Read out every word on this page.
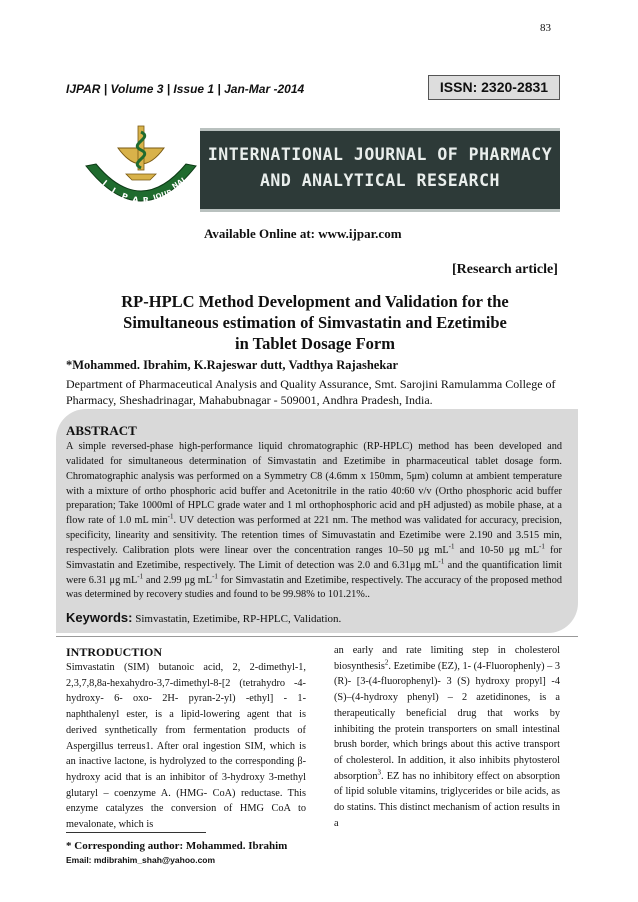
83
IJPAR | Volume 3 | Issue 1 | Jan-Mar -2014	ISSN: 2320-2831
I
J
P A R JOUR
NAL
INTERNATIONAL JOURNAL OF PHARMACY
AND ANALYTICAL RESEARCH
Available Online at: www.ijpar.com
[Research article]
RP-HPLC Method Development and Validation for the
Simultaneous estimation of Simvastatin and Ezetimibe
in Tablet Dosage Form
*Mohammed. Ibrahim, K.Rajeswar dutt, Vadthya Rajashekar
Department of Pharmaceutical Analysis and Quality Assurance, Smt. Sarojini Ramulamma College of Pharmacy, Sheshadrinagar, Mahabubnagar - 509001, Andhra Pradesh, India.
ABSTRACT
A simple reversed-phase high-performance liquid chromatographic (RP-HPLC) method has been developed and validated for simultaneous determination of Simvastatin and Ezetimibe in pharmaceutical tablet dosage form. Chromatographic analysis was performed on a Symmetry C8 (4.6mm x 150mm, 5μm) column at ambient temperature with a mixture of ortho phosphoric acid buffer and Acetonitrile in the ratio 40:60 v/v (Ortho phosphoric acid buffer preparation; Take 1000ml of HPLC grade water and 1 ml orthophosphoric acid and pH adjusted) as mobile phase, at a flow rate of 1.0 mL $\min^{-1}$. UV detection was performed at 221 nm. The method was validated for accuracy, precision, specificity, linearity and sensitivity. The retention times of Simuvastatin and Ezetimibe were 2.190 and 3.515 min, respectively. Calibration plots were linear over the concentration ranges 10–50 μg $mL^{-1}$ and 10-50 μg $mL^{-1}$ for Simvastatin and Ezetimibe, respectively. The Limit of detection was 2.0 and 6.31μg $mL^{-1}$ and the quantification limit were 6.31 μg $mL^{-1}$ and 2.99 μg $mL^{-1}$ for Simvastatin and Ezetimibe, respectively. The accuracy of the proposed method was determined by recovery studies and found to be 99.98% to 101.21%..
Keywords: Simvastatin, Ezetimibe, RP-HPLC, Validation.
INTRODUCTION
Simvastatin (SIM) butanoic acid, 2, 2-dimethyl-1, 2,3,7,8,8a-hexahydro-3,7-dimethyl-8-[2 (tetrahydro -4- hydroxy- 6- oxo- 2H- pyran-2-yl) -ethyl] - 1- naphthalenyl ester, is a lipid-lowering agent that is derived synthetically from fermentation products of Aspergillus terreus1. After oral ingestion SIM, which is an inactive lactone, is hydrolyzed to the corresponding β-hydroxy acid that is an inhibitor of 3-hydroxy 3-methyl glutaryl – coenzyme A. (HMG- CoA) reductase. This enzyme catalyzes the conversion of HMG CoA to mevalonate, which is
an early and rate limiting step in cholesterol biosynthesis$^2$. Ezetimibe (EZ), 1- (4-Fluorophenly) – 3 (R)- [3-(4-fluorophenyl)- 3 (S) hydroxy propyl] -4 (S)–(4-hydroxy phenyl) – 2 azetidinones, is a therapeutically beneficial drug that works by inhibiting the protein transporters on small intestinal brush border, which brings about this active transport of cholesterol. In addition, it also inhibits phytosterol absorption$^3$. EZ has no inhibitory effect on absorption of lipid soluble vitamins, triglycerides or bile acids, as do statins. This distinct mechanism of action results in a
* Corresponding author: Mohammed. Ibrahim
Email: mdibrahim_shah@yahoo.com
